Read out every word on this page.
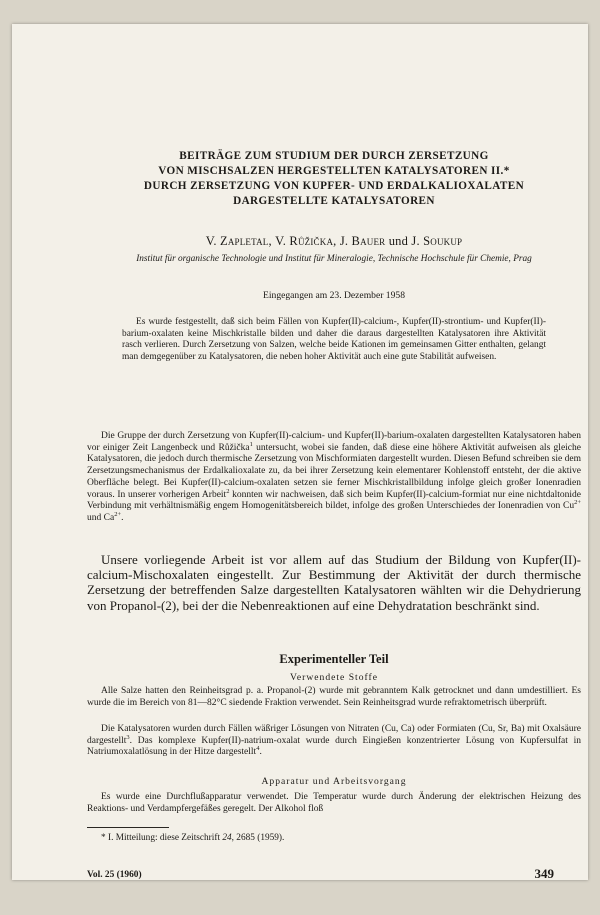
BEITRÄGE ZUM STUDIUM DER DURCH ZERSETZUNG
VON MISCHSALZEN HERGESTELLTEN KATALYSATOREN II.*
DURCH ZERSETZUNG VON KUPFER- UND ERDALKALIOXALATEN
DARGESTELLTE KATALYSATOREN
V. Zapletal, V. Růžička, J. Bauer und J. Soukup
Institut für organische Technologie und Institut für Mineralogie, Technische Hochschule für Chemie, Prag
Eingegangen am 23. Dezember 1958
Es wurde festgestellt, daß sich beim Fällen von Kupfer(II)-calcium-, Kupfer(II)-strontium- und Kupfer(II)-barium-oxalaten keine Mischkristalle bilden und daher die daraus dargestellten Katalysatoren ihre Aktivität rasch verlieren. Durch Zersetzung von Salzen, welche beide Kationen im gemeinsamen Gitter enthalten, gelangt man demgegenüber zu Katalysatoren, die neben hoher Aktivität auch eine gute Stabilität aufweisen.
Die Gruppe der durch Zersetzung von Kupfer(II)-calcium- und Kupfer(II)-barium-oxalaten dargestellten Katalysatoren haben vor einiger Zeit Langenbeck und Růžička$^1$ untersucht, wobei sie fanden, daß diese eine höhere Aktivität aufweisen als gleiche Katalysatoren, die jedoch durch thermische Zersetzung von Mischformiaten dargestellt wurden. Diesen Befund schreiben sie dem Zersetzungsmechanismus der Erdalkalioxalate zu, da bei ihrer Zersetzung kein elementarer Kohlenstoff entsteht, der die aktive Oberfläche belegt. Bei Kupfer(II)-calcium-oxalaten setzen sie ferner Mischkristallbildung infolge gleich großer Ionenradien voraus. In unserer vorherigen Arbeit$^2$ konnten wir nachweisen, daß sich beim Kupfer(II)-calcium-formiat nur eine nichtdaltonide Verbindung mit verhältnismäßig engem Homogenitätsbereich bildet, infolge des großen Unterschiedes der Ionenradien von $Cu^{2+}$ und $Ca^{2+}$.
Unsere vorliegende Arbeit ist vor allem auf das Studium der Bildung von Kupfer(II)-calcium-Mischoxalaten eingestellt. Zur Bestimmung der Aktivität der durch thermische Zersetzung der betreffenden Salze dargestellten Katalysatoren wählten wir die Dehydrierung von Propanol-(2), bei der die Nebenreaktionen auf eine Dehydratation beschränkt sind.
Experimenteller Teil
Verwendete Stoffe
Alle Salze hatten den Reinheitsgrad p. a. Propanol-(2) wurde mit gebranntem Kalk getrocknet und dann umdestilliert. Es wurde die im Bereich von 81—82°C siedende Fraktion verwendet. Sein Reinheitsgrad wurde refraktometrisch überprüft.
Die Katalysatoren wurden durch Fällen wäßriger Lösungen von Nitraten (Cu, Ca) oder Formiaten (Cu, Sr, Ba) mit Oxalsäure dargestellt$^3$. Das komplexe Kupfer(II)-natrium-oxalat wurde durch Eingießen konzentrierter Lösung von Kupfersulfat in Natriumoxalatlösung in der Hitze dargestellt$^4$.
Apparatur und Arbeitsvorgang
Es wurde eine Durchflußapparatur verwendet. Die Temperatur wurde durch Änderung der elektrischen Heizung des Reaktions- und Verdampfergefäßes geregelt. Der Alkohol floß
* I. Mitteilung: diese Zeitschrift 24, 2685 (1959).
Vol. 25 (1960)	349
